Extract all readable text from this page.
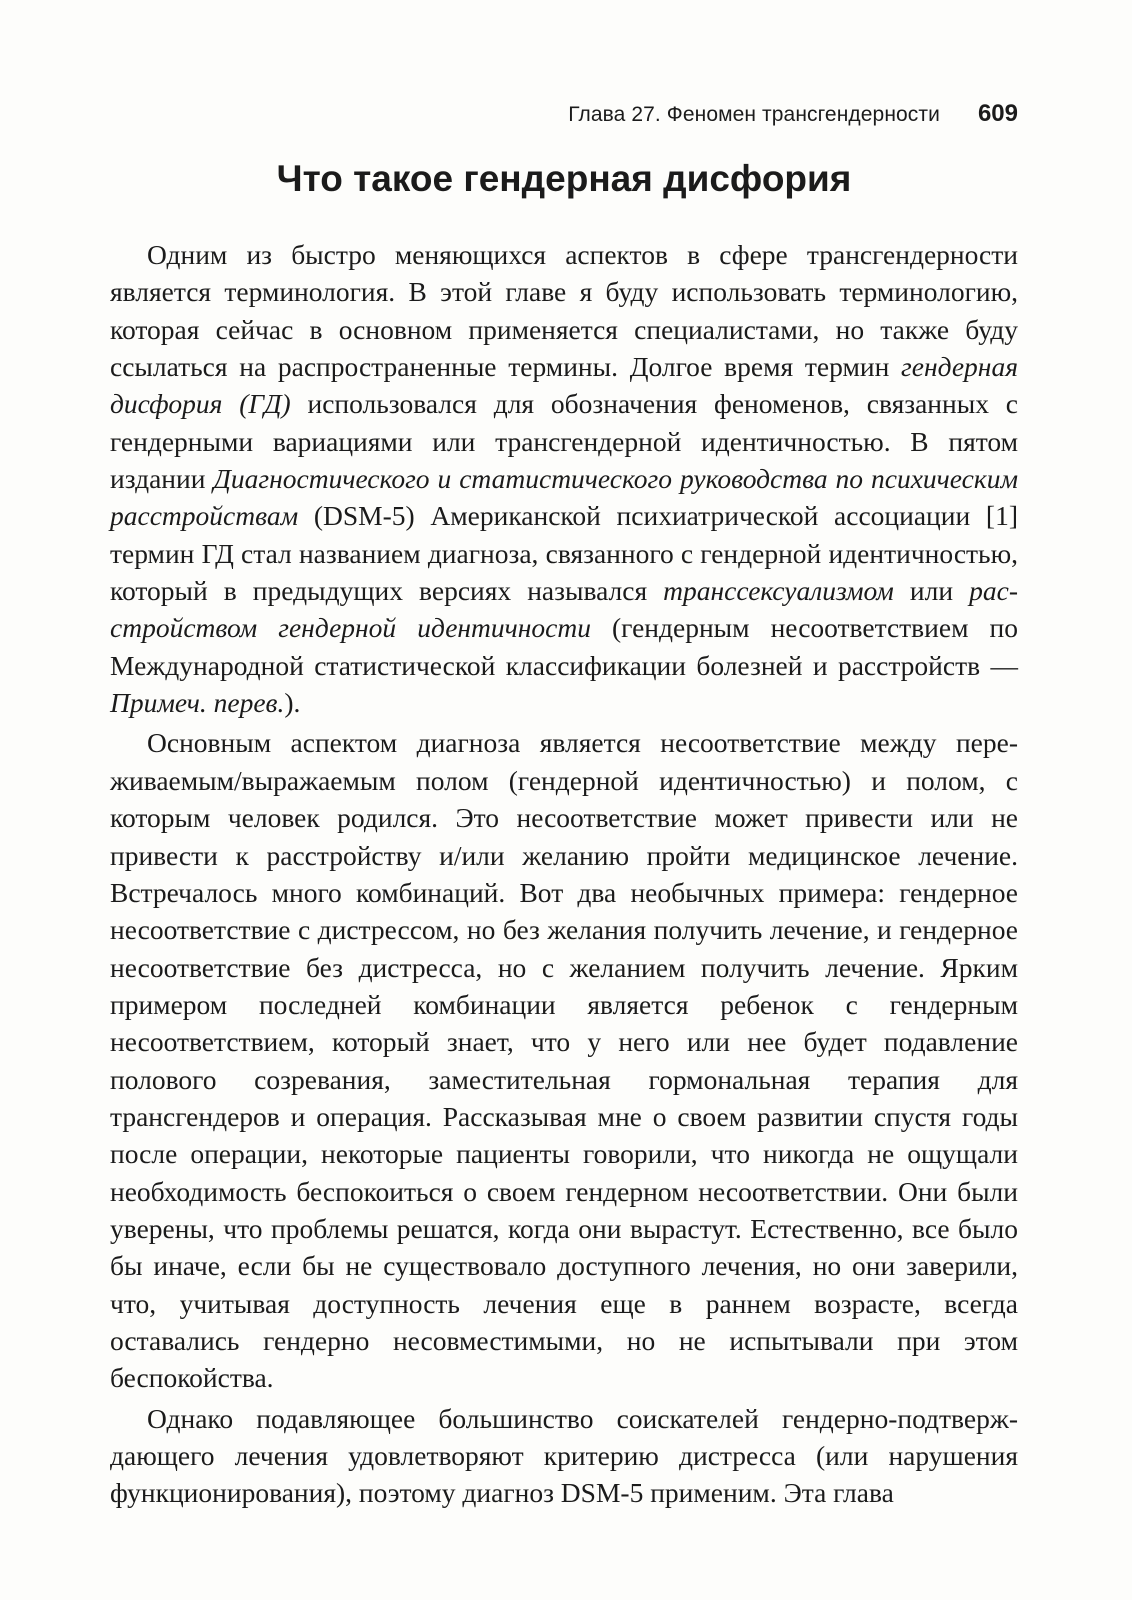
Глава 27. Феномен трансгендерности 609
Что такое гендерная дисфория

Одним из быстро меняющихся аспектов в сфере трансгендерности является терминология. В этой главе я буду использовать терминологию, которая сейчас в основном применяется специалистами, но также буду ссылаться на распространенные термины. Долгое время термин гендерная дисфория (ГД) использовался для обозначения феноменов, связанных с гендерными вариациями или трансгендерной идентичностью. В пятом издании Диагностического и статистического руководства по психическим расстройствам (DSM-5) Американской психиатрической ассоциации [1] термин ГД стал названием диагноза, связанного с гендерной идентичностью, который в предыдущих версиях назывался транссексуализмом или расстройством гендерной идентичности (гендерным несоответствием по Международной статистической классификации болезней и расстройств — Примеч. перев.).

Основным аспектом диагноза является несоответствие между переживаемым/выражаемым полом (гендерной идентичностью) и полом, с которым человек родился. Это несоответствие может привести или не привести к расстройству и/или желанию пройти медицинское лечение. Встречалось много комбинаций. Вот два необычных примера: гендерное несоответствие с дистрессом, но без желания получить лечение, и гендерное несоответствие без дистресса, но с желанием получить лечение. Ярким примером последней комбинации является ребенок с гендерным несоответствием, который знает, что у него или нее будет подавление полового созревания, заместительная гормональная терапия для трансгендеров и операция. Рассказывая мне о своем развитии спустя годы после операции, некоторые пациенты говорили, что никогда не ощущали необходимость беспокоиться о своем гендерном несоответствии. Они были уверены, что проблемы решатся, когда они вырастут. Естественно, все было бы иначе, если бы не существовало доступного лечения, но они заверили, что, учитывая доступность лечения еще в раннем возрасте, всегда оставались гендерно несовместимыми, но не испытывали при этом беспокойства.

Однако подавляющее большинство соискателей гендерно-подтверждающего лечения удовлетворяют критерию дистресса (или нарушения функционирования), поэтому диагноз DSM-5 применим. Эта глава
